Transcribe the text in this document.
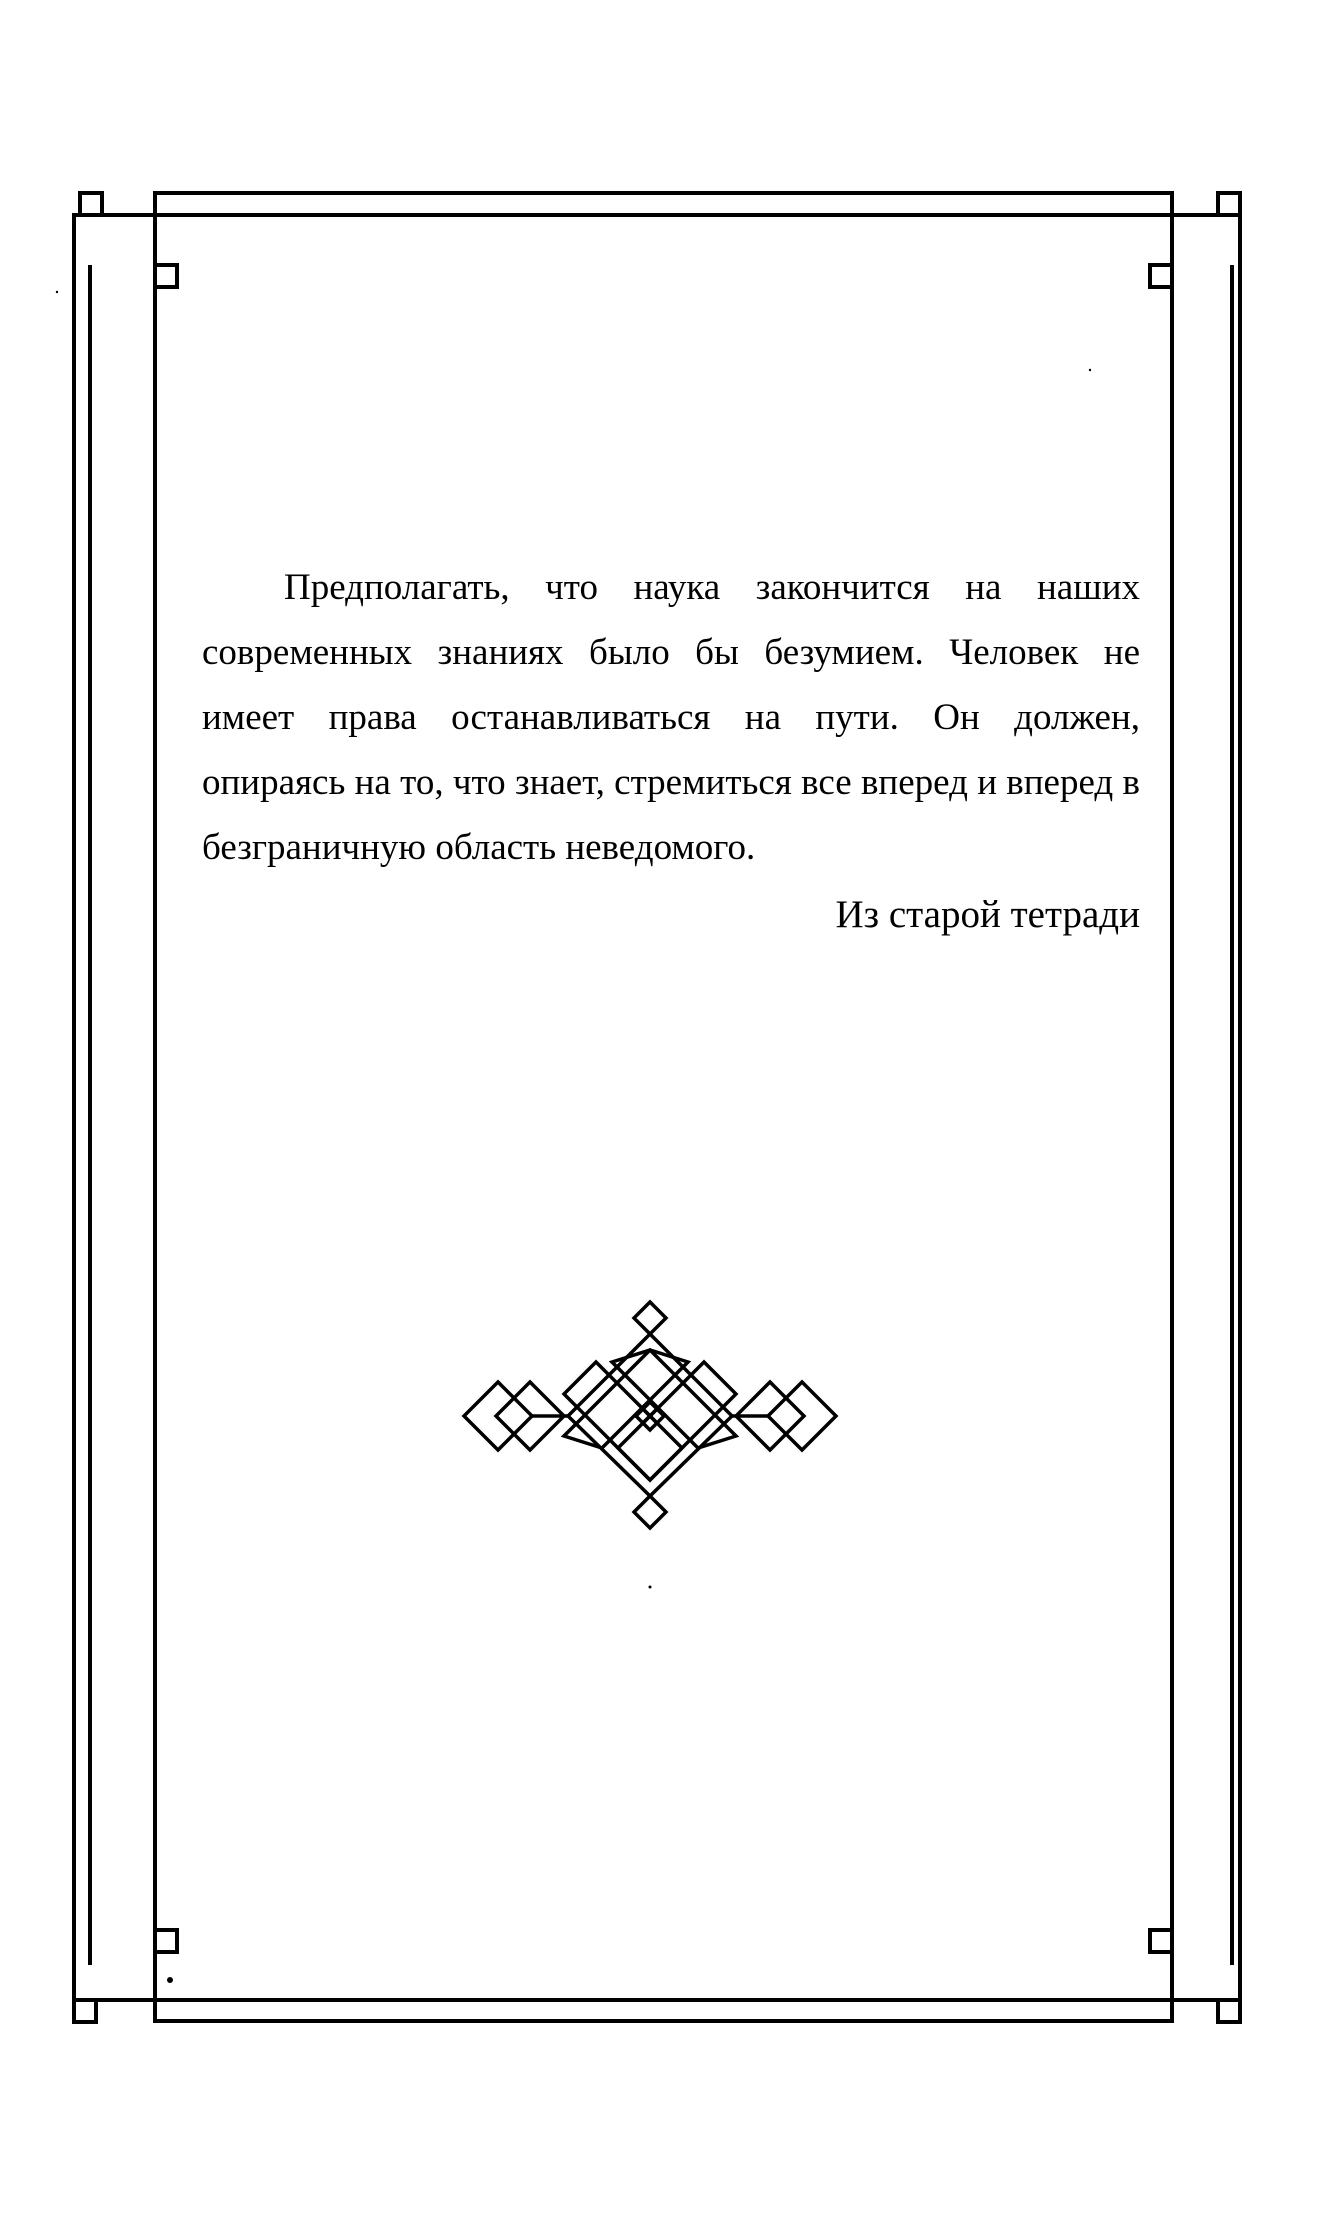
Предполагать, что наука закончится на наших современных знаниях было бы безумием. Человек не имеет права останавливаться на пути. Он должен, опираясь на то, что знает, стремиться все вперед и вперед в безграничную область неведомого.

Из старой тетради
